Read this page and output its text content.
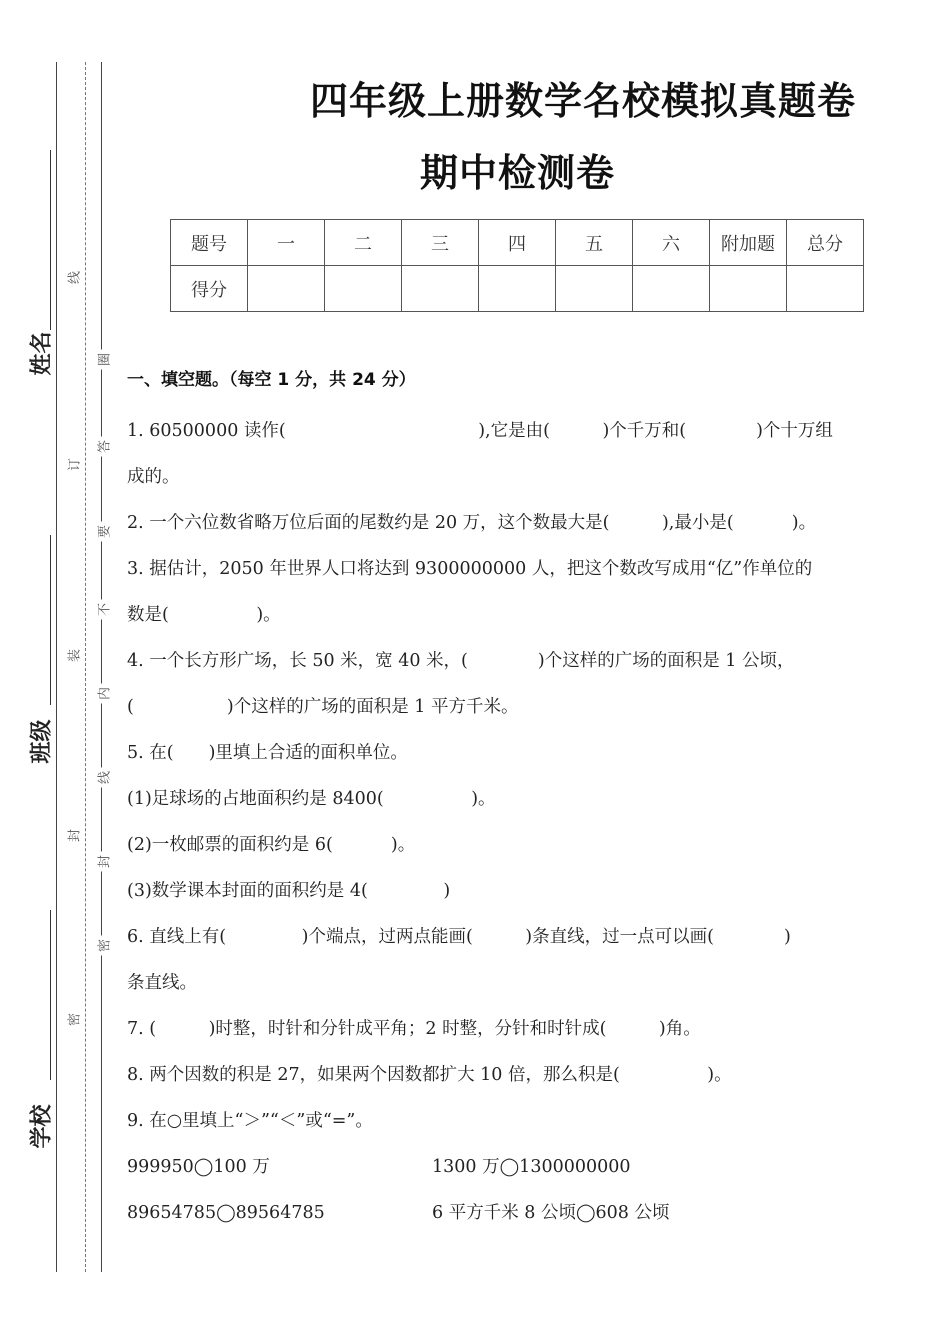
姓名
班级
学校
线
圈
订
答
要
不
装
内
线
封
封
密
密
四年级上册数学名校模拟真题卷
期中检测卷
题号	一	二	三	四	五	六	附加题	总分
得分								
一、填空题。（每空 1 分，共 24 分）
1. 60500000 读作(　　　　　　　　　　　),它是由(　　　)个千万和(　　　　)个十万组
成的。
2. 一个六位数省略万位后面的尾数约是 20 万，这个数最大是(　　　),最小是(　　　 )。
3. 据估计，2050 年世界人口将达到 9300000000 人，把这个数改写成用“亿”作单位的
数是(　　　　　)。
4. 一个长方形广场，长 50 米，宽 40 米，(　　　　)个这样的广场的面积是 1 公顷，
(　　　　　 )个这样的广场的面积是 1 平方千米。
5. 在(　　)里填上合适的面积单位。
(1)足球场的占地面积约是 8400(　　　　　)。
(2)一枚邮票的面积约是 6(　　　 )。
(3)数学课本封面的面积约是 4(　　　　 )
6. 直线上有(　　　　 )个端点，过两点能画(　　　)条直线，过一点可以画(　　　　)
条直线。
7. (　　　)时整，时针和分针成平角；2 时整，分针和时针成(　　　)角。
8. 两个因数的积是 27，如果两个因数都扩大 10 倍，那么积是(　　　　　)。
9. 在○里填上“＞”“＜”或“=”。
999950◯100 万	1300 万◯1300000000
89654785◯89564785	6 平方千米 8 公顷◯608 公顷
